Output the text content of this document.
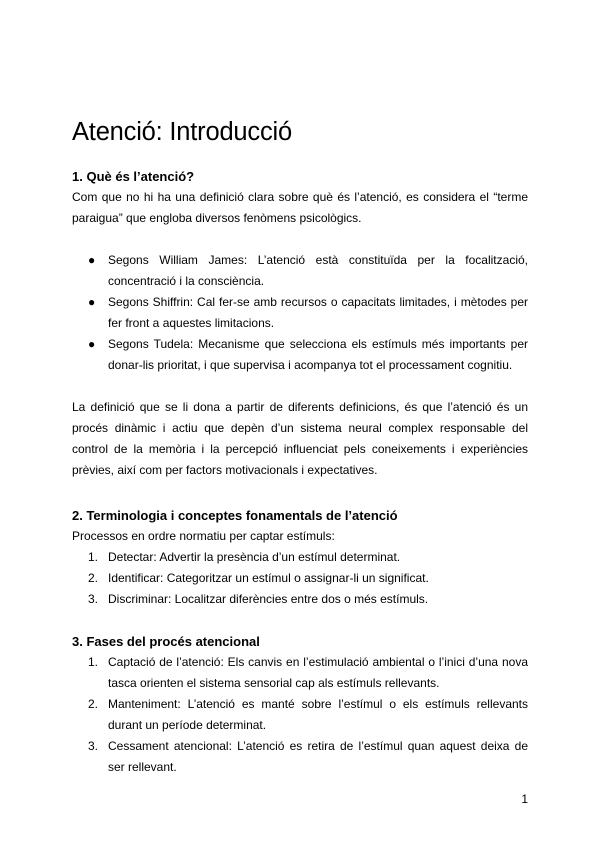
Atenció: Introducció
1. Què és l’atenció?

Com que no hi ha una definició clara sobre què és l’atenció, es considera el “terme paraigua” que engloba diversos fenòmens psicològics.

● Segons William James: L’atenció està constituïda per la focalització, concentració i la consciència.
● Segons Shiffrin: Cal fer-se amb recursos o capacitats limitades, i mètodes per fer front a aquestes limitacions.
● Segons Tudela: Mecanisme que selecciona els estímuls més importants per donar-lis prioritat, i que supervisa i acompanya tot el processament cognitiu.

La definició que se li dona a partir de diferents definicions, és que l’atenció és un procés dinàmic i actiu que depèn d’un sistema neural complex responsable del control de la memòria i la percepció influenciat pels coneixements i experiències prèvies, així com per factors motivacionals i expectatives.

2. Terminologia i conceptes fonamentals de l’atenció

Processos en ordre normatiu per captar estímuls:

1. Detectar: Advertir la presència d’un estímul determinat.
2. Identificar: Categoritzar un estímul o assignar-li un significat.
3. Discriminar: Localitzar diferències entre dos o més estímuls.
3. Fases del procés atencional
1. Captació de l’atenció: Els canvis en l’estimulació ambiental o l’inici d’una nova tasca orienten el sistema sensorial cap als estímuls rellevants.
2. Manteniment: L’atenció es manté sobre l’estímul o els estímuls rellevants durant un període determinat.
3. Cessament atencional: L’atenció es retira de l’estímul quan aquest deixa de ser rellevant.
1
